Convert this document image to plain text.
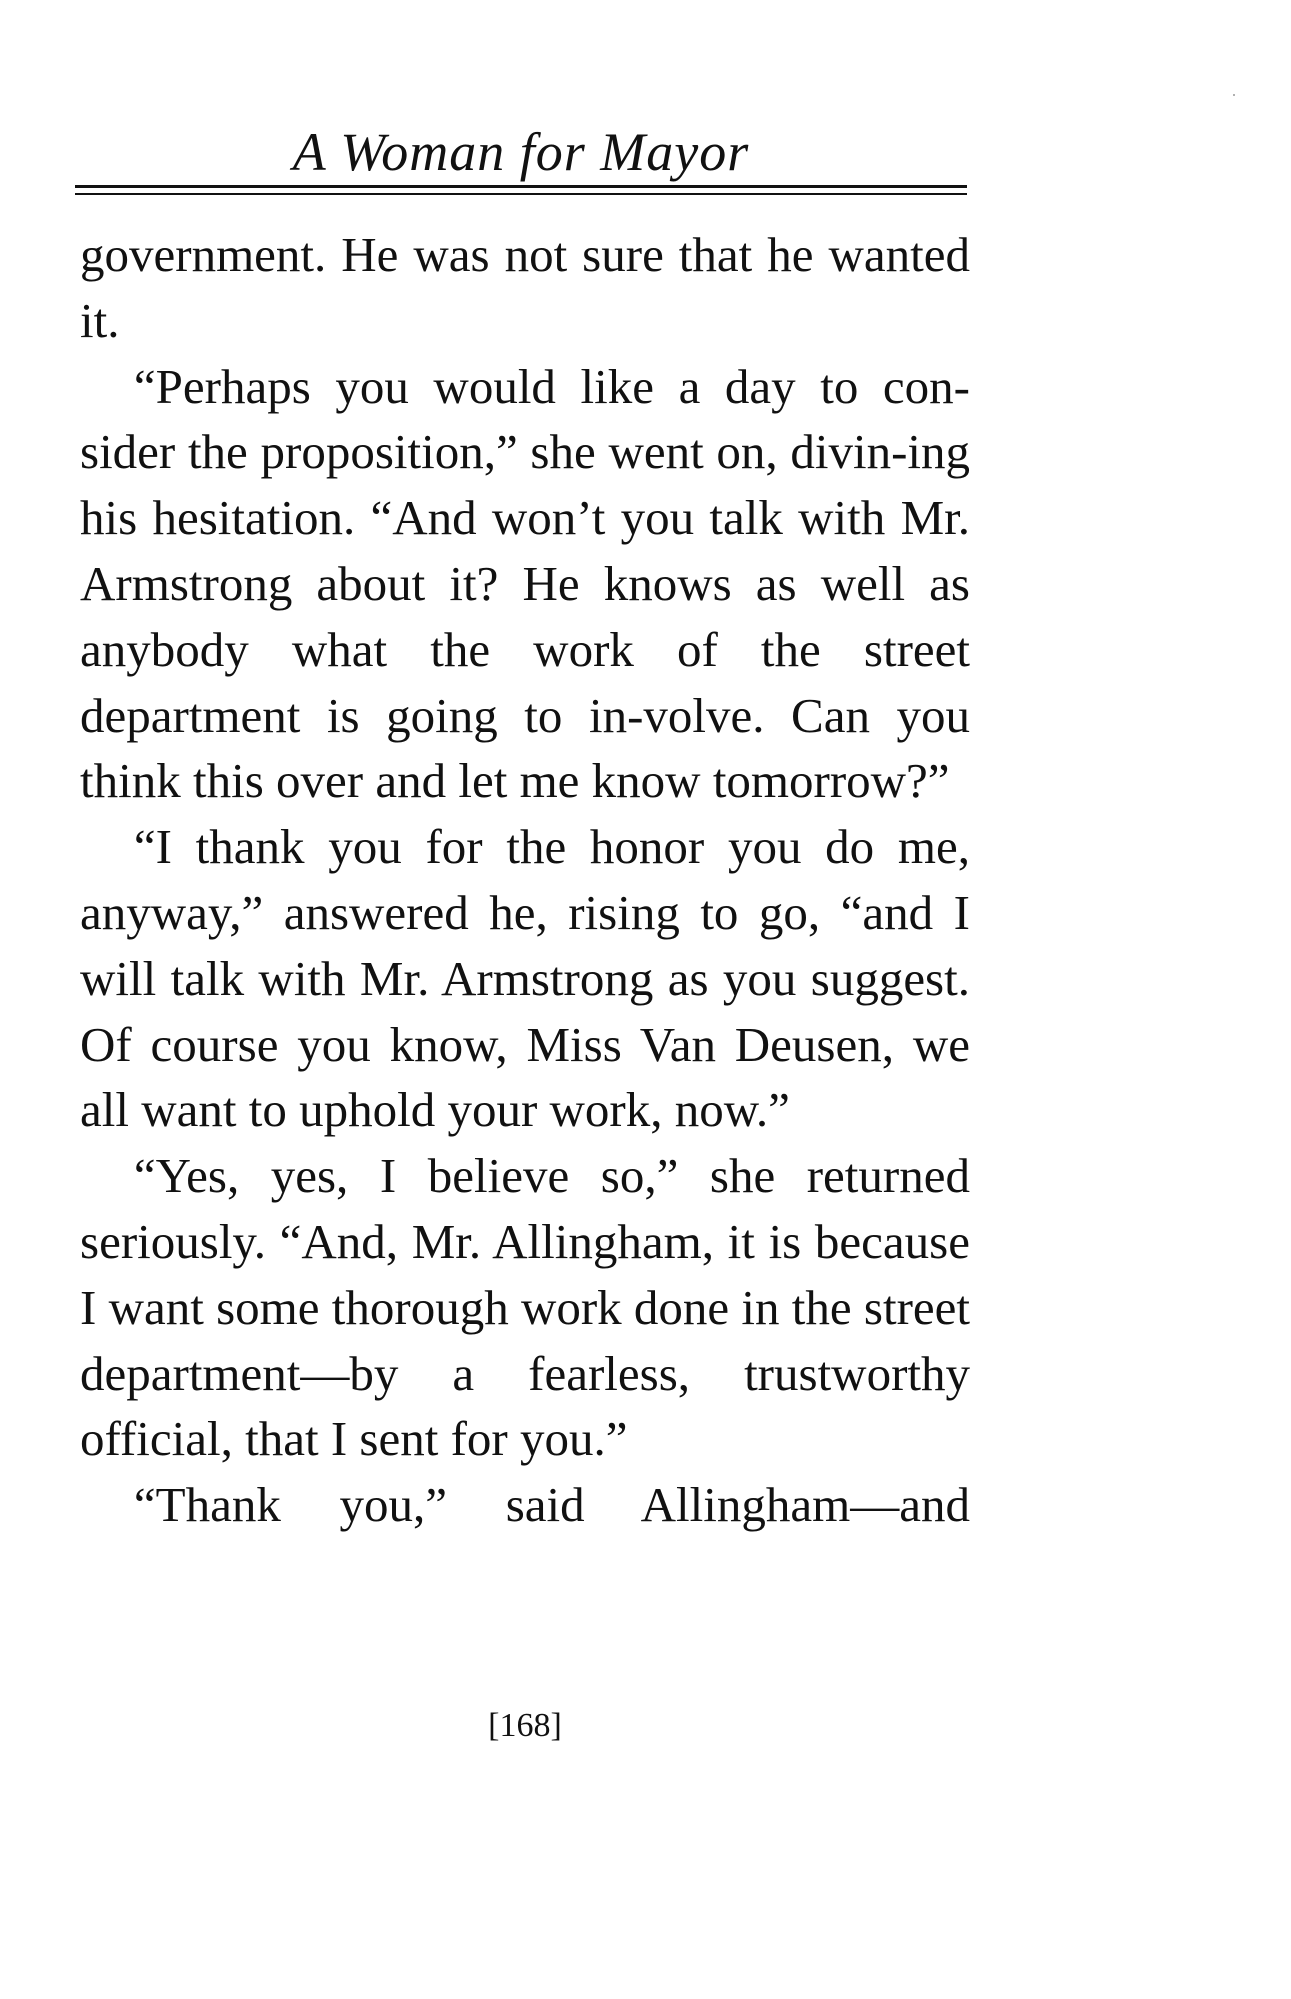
A Woman for Mayor

government. He was not sure that he wanted it.

“Perhaps you would like a day to con-sider the proposition,” she went on, divin-ing his hesitation. “And won’t you talk with Mr. Armstrong about it? He knows as well as anybody what the work of the street department is going to in-volve. Can you think this over and let me know tomorrow?”

“I thank you for the honor you do me, anyway,” answered he, rising to go, “and I will talk with Mr. Armstrong as you suggest. Of course you know, Miss Van Deusen, we all want to uphold your work, now.”

“Yes, yes, I believe so,” she returned seriously. “And, Mr. Allingham, it is because I want some thorough work done in the street department—by a fearless, trustworthy official, that I sent for you.”

“Thank you,” said Allingham—and

[168]
